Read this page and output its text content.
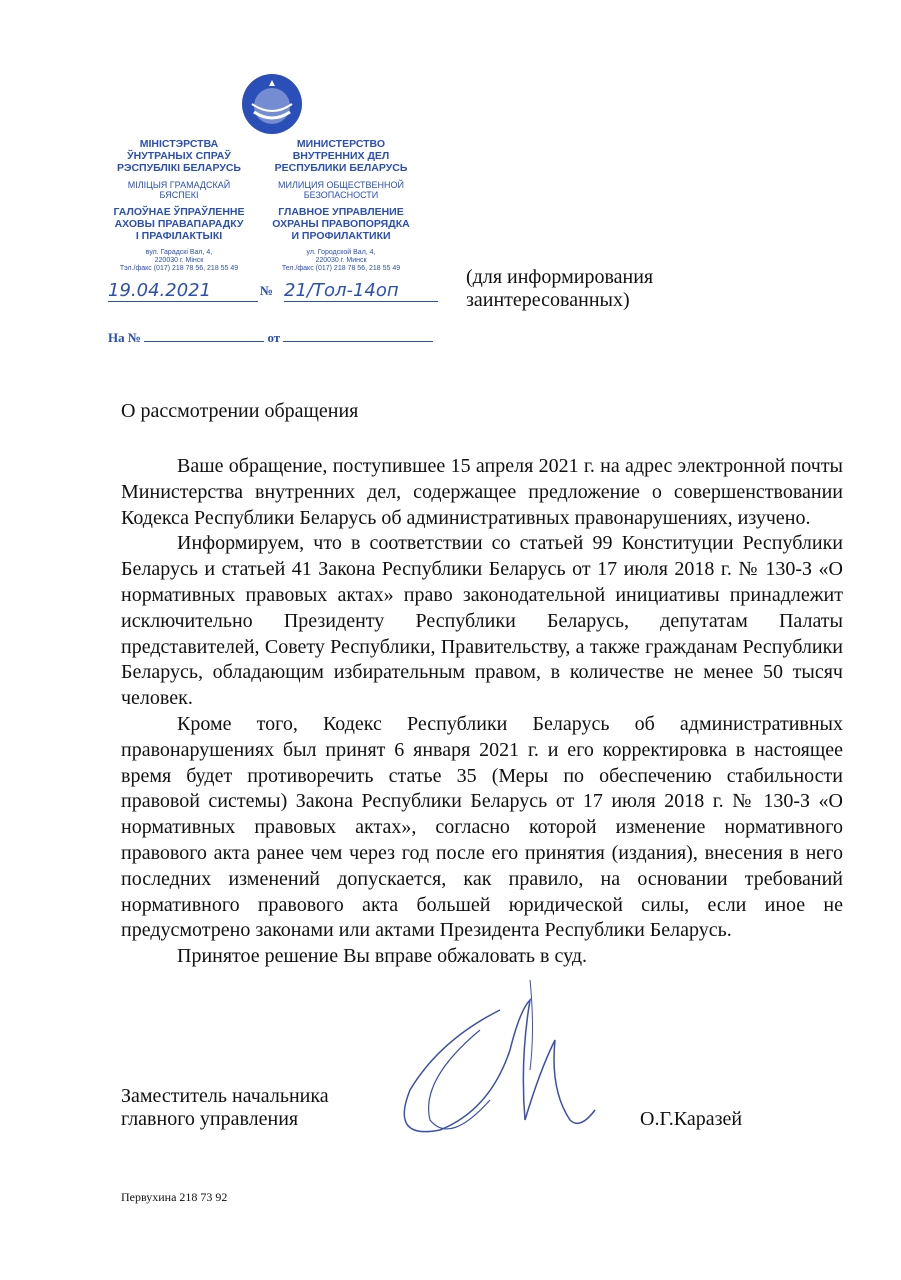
МІНІСТЭРСТВА
ЎНУТРАНЫХ СПРАЎ
РЭСПУБЛІКІ БЕЛАРУСЬ
МІЛІЦЫЯ ГРАМАДСКАЙ
БЯСПЕКІ
ГАЛОЎНАЕ ЎПРАЎЛЕННЕ
АХОВЫ ПРАВАПАРАДКУ
І ПРАФІЛАКТЫКІ
вул. Гарадскі Вал, 4,
220030 г. Мінск
Тэл./факс (017) 218 78 56, 218 55 49
МИНИСТЕРСТВО
ВНУТРЕННИХ ДЕЛ
РЕСПУБЛИКИ БЕЛАРУСЬ
МИЛИЦИЯ ОБЩЕСТВЕННОЙ
БЕЗОПАСНОСТИ
ГЛАВНОЕ УПРАВЛЕНИЕ
ОХРАНЫ ПРАВОПОРЯДКА
И ПРОФИЛАКТИКИ
ул. Городской Вал, 4,
220030 г. Минск
Тел./факс (017) 218 78 56, 218 55 49
19.04.2021	№ 21/Тол-14оп
На №	от
(для информирования
заинтересованных)
О рассмотрении обращения

Ваше обращение, поступившее 15 апреля 2021 г. на адрес электронной почты Министерства внутренних дел, содержащее предложение о совершенствовании Кодекса Республики Беларусь об административных правонарушениях, изучено.

Информируем, что в соответствии со статьей 99 Конституции Республики Беларусь и статьей 41 Закона Республики Беларусь от 17 июля 2018 г. № 130-З «О нормативных правовых актах» право законодательной инициативы принадлежит исключительно Президенту Республики Беларусь, депутатам Палаты представителей, Совету Республики, Правительству, а также гражданам Республики Беларусь, обладающим избирательным правом, в количестве не менее 50 тысяч человек.

Кроме того, Кодекс Республики Беларусь об административных правонарушениях был принят 6 января 2021 г. и его корректировка в настоящее время будет противоречить статье 35 (Меры по обеспечению стабильности правовой системы) Закона Республики Беларусь от 17 июля 2018 г. № 130-З «О нормативных правовых актах», согласно которой изменение нормативного правового акта ранее чем через год после его принятия (издания), внесения в него последних изменений допускается, как правило, на основании требований нормативного правового акта большей юридической силы, если иное не предусмотрено законами или актами Президента Республики Беларусь.

Принятое решение Вы вправе обжаловать в суд.

Заместитель начальника
главного управления	О.Г.Каразей
Первухина 218 73 92
